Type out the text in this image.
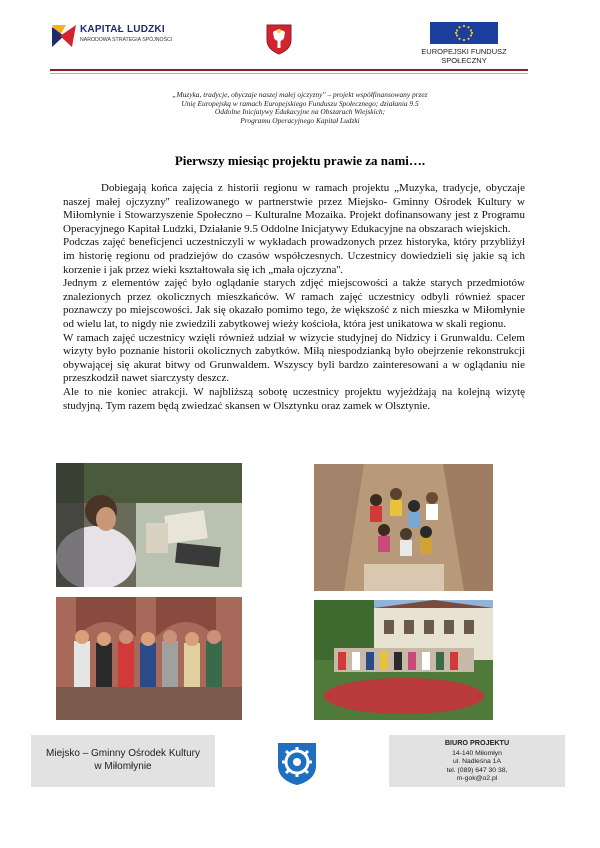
KAPITAŁ LUDZKI
NARODOWA STRATEGIA SPÓJNOŚCI
EUROPEJSKI FUNDUSZ
SPOŁECZNY
„Muzyka, tradycje, obyczaje naszej małej ojczyzny'' – projekt współfinansowany przez
Unię Europejską w ramach Europejskiego Funduszu Społecznego; działania 9.5
Oddolne Inicjatywy Edukacyjne na Obszarach Wiejskich;
Programu Operacyjnego Kapitał Ludzki
Pierwszy miesiąc projektu prawie za nami….

Dobiegają końca zajęcia z historii regionu w ramach projektu „Muzyka, tradycje, obyczaje naszej małej ojczyzny'' realizowanego w partnerstwie przez Miejsko- Gminny Ośrodek Kultury w Miłomłynie i Stowarzyszenie Społeczno – Kulturalne Mozaika. Projekt dofinansowany jest z Programu Operacyjnego Kapitał Ludzki, Działanie 9.5 Oddolne Inicjatywy Edukacyjne na obszarach wiejskich.

Podczas zajęć beneficjenci uczestniczyli w wykładach prowadzonych przez historyka, który przybliżył im historię regionu od pradziejów do czasów współczesnych. Uczestnicy dowiedzieli się jakie są ich korzenie i jak przez wieki kształtowała się ich „mała ojczyzna''.

Jednym z elementów zajęć było oglądanie starych zdjęć miejscowości a także starych przedmiotów znalezionych przez okolicznych mieszkańców. W ramach zajęć uczestnicy odbyli również spacer poznawczy po miejscowości. Jak się okazało pomimo tego, że większość z nich mieszka w Miłomłynie od wielu lat, to nigdy nie zwiedzili zabytkowej wieży kościoła, która jest unikatowa w skali regionu.

W ramach zajęć uczestnicy wzięli również udział w wizycie studyjnej do Nidzicy i Grunwaldu. Celem wizyty było poznanie historii okolicznych zabytków. Miłą niespodzianką było obejrzenie rekonstrukcji obywającej się akurat bitwy od Grunwaldem. Wszyscy byli bardzo zainteresowani a w oglądaniu nie przeszkodził nawet siarczysty deszcz.

Ale to nie koniec atrakcji. W najbliższą sobotę uczestnicy projektu wyjeżdżają na kolejną wizytę studyjną. Tym razem będą zwiedzać skansen w Olsztynku oraz zamek w Olsztynie.

Miejsko – Gminny Ośrodek Kultury
w Miłomłynie
BIURO PROJEKTU
14-140 Miłomłyn
ul. Nadleśna 1A
tel. (089) 647 30 38,
m-gok@o2.pl
